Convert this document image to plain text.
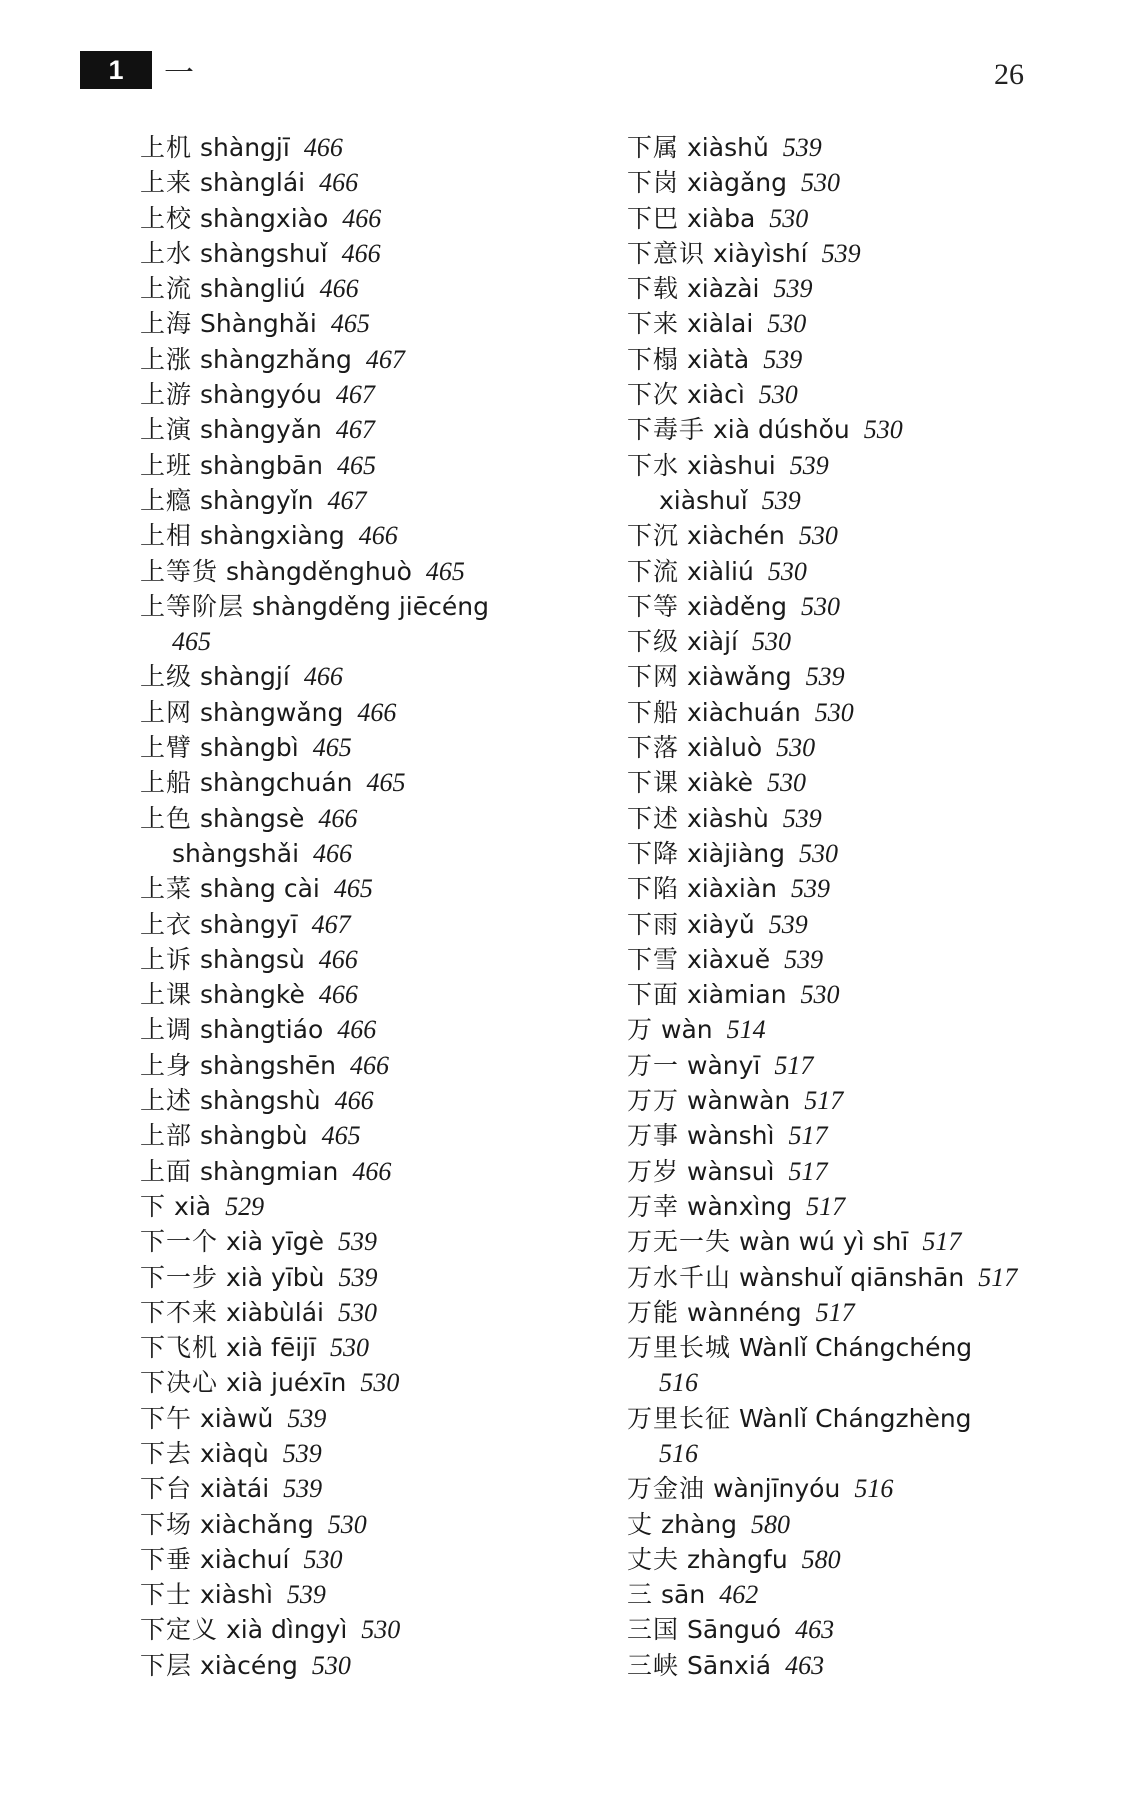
1	一	26
上机 shàngjī 466
上来 shànglái 466
上校 shàngxiào 466
上水 shàngshuǐ 466
上流 shàngliú 466
上海 Shànghǎi 465
上涨 shàngzhǎng 467
上游 shàngyóu 467
上演 shàngyǎn 467
上班 shàngbān 465
上瘾 shàngyǐn 467
上相 shàngxiàng 466
上等货 shàngděnghuò 465
上等阶层 shàngděng jiēcéng
465
上级 shàngjí 466
上网 shàngwǎng 466
上臂 shàngbì 465
上船 shàngchuán 465
上色 shàngsè 466
shàngshǎi 466
上菜 shàng cài 465
上衣 shàngyī 467
上诉 shàngsù 466
上课 shàngkè 466
上调 shàngtiáo 466
上身 shàngshēn 466
上述 shàngshù 466
上部 shàngbù 465
上面 shàngmian 466
下 xià 529
下一个 xià yīgè 539
下一步 xià yībù 539
下不来 xiàbùlái 530
下飞机 xià fēijī 530
下决心 xià juéxīn 530
下午 xiàwǔ 539
下去 xiàqù 539
下台 xiàtái 539
下场 xiàchǎng 530
下垂 xiàchuí 530
下士 xiàshì 539
下定义 xià dìngyì 530
下层 xiàcéng 530
下属 xiàshǔ 539
下岗 xiàgǎng 530
下巴 xiàba 530
下意识 xiàyìshí 539
下载 xiàzài 539
下来 xiàlai 530
下榻 xiàtà 539
下次 xiàcì 530
下毒手 xià dúshǒu 530
下水 xiàshui 539
xiàshuǐ 539
下沉 xiàchén 530
下流 xiàliú 530
下等 xiàděng 530
下级 xiàjí 530
下网 xiàwǎng 539
下船 xiàchuán 530
下落 xiàluò 530
下课 xiàkè 530
下述 xiàshù 539
下降 xiàjiàng 530
下陷 xiàxiàn 539
下雨 xiàyǔ 539
下雪 xiàxuě 539
下面 xiàmian 530
万 wàn 514
万一 wànyī 517
万万 wànwàn 517
万事 wànshì 517
万岁 wànsuì 517
万幸 wànxìng 517
万无一失 wàn wú yì shī 517
万水千山 wànshuǐ qiānshān 517
万能 wànnéng 517
万里长城 Wànlǐ Chángchéng
516
万里长征 Wànlǐ Chángzhèng
516
万金油 wànjīnyóu 516
丈 zhàng 580
丈夫 zhàngfu 580
三 sān 462
三国 Sānguó 463
三峡 Sānxiá 463
